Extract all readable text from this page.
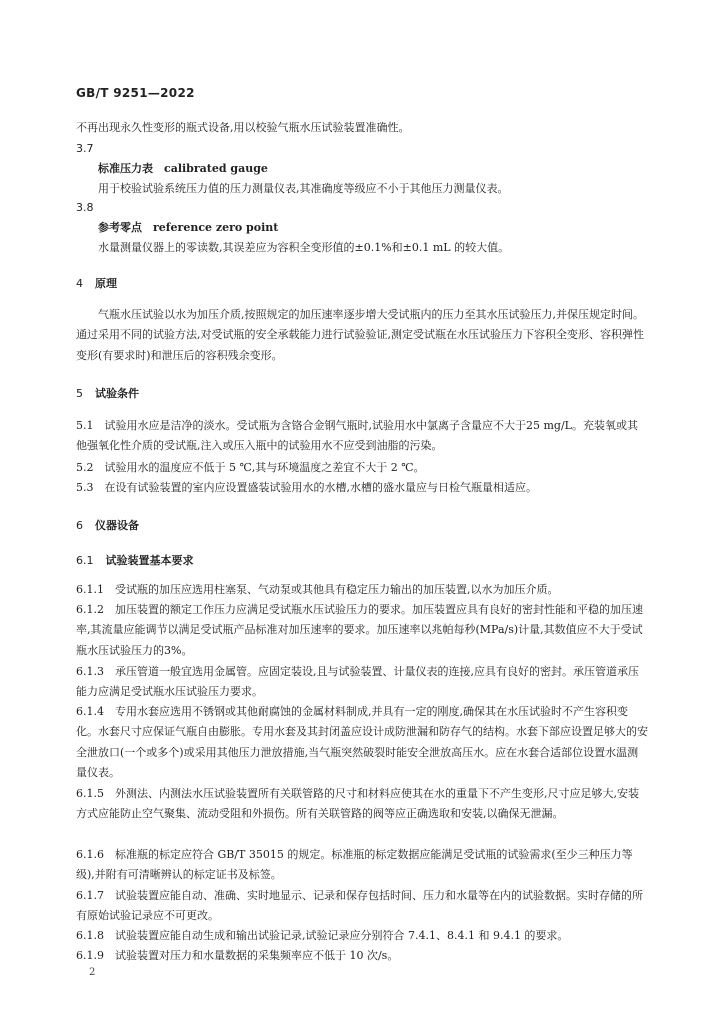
GB/T 9251—2022
不再出现永久性变形的瓶式设备,用以校验气瓶水压试验装置准确性。
3.7
标准压力表　calibrated gauge
用于校验试验系统压力值的压力测量仪表,其准确度等级应不小于其他压力测量仪表。
3.8
参考零点　reference zero point
水量测量仪器上的零读数,其误差应为容积全变形值的±0.1%和±0.1 mL 的较大值。
4 原理
气瓶水压试验以水为加压介质,按照规定的加压速率逐步增大受试瓶内的压力至其水压试验压力,并保压规定时间。通过采用不同的试验方法,对受试瓶的安全承载能力进行试验验证,测定受试瓶在水压试验压力下容积全变形、容积弹性变形(有要求时)和泄压后的容积残余变形。
5 试验条件
5.1　试验用水应是洁净的淡水。受试瓶为含铬合金钢气瓶时,试验用水中氯离子含量应不大于25 mg/L。充装氧或其他强氧化性介质的受试瓶,注入或压入瓶中的试验用水不应受到油脂的污染。
5.2　试验用水的温度应不低于 5 ℃,其与环境温度之差宜不大于 2 ℃。
5.3　在设有试验装置的室内应设置盛装试验用水的水槽,水槽的盛水量应与日检气瓶量相适应。
6 仪器设备
6.1 试验装置基本要求
6.1.1　受试瓶的加压应选用柱塞泵、气动泵或其他具有稳定压力输出的加压装置,以水为加压介质。
6.1.2　加压装置的额定工作压力应满足受试瓶水压试验压力的要求。加压装置应具有良好的密封性能和平稳的加压速率,其流量应能调节以满足受试瓶产品标准对加压速率的要求。加压速率以兆帕每秒(MPa/s)计量,其数值应不大于受试瓶水压试验压力的3%。
6.1.3　承压管道一般宜选用金属管。应固定装设,且与试验装置、计量仪表的连接,应具有良好的密封。承压管道承压能力应满足受试瓶水压试验压力要求。
6.1.4　专用水套应选用不锈钢或其他耐腐蚀的金属材料制成,并具有一定的刚度,确保其在水压试验时不产生容积变化。水套尺寸应保证气瓶自由膨胀。专用水套及其封闭盖应设计成防泄漏和防存气的结构。水套下部应设置足够大的安全泄放口(一个或多个)或采用其他压力泄放措施,当气瓶突然破裂时能安全泄放高压水。应在水套合适部位设置水温测量仪表。
6.1.5　外测法、内测法水压试验装置所有关联管路的尺寸和材料应使其在水的重量下不产生变形,尺寸应足够大,安装方式应能防止空气聚集、流动受阻和外损伤。所有关联管路的阀等应正确选取和安装,以确保无泄漏。
6.1.6　标准瓶的标定应符合 GB/T 35015 的规定。标准瓶的标定数据应能满足受试瓶的试验需求(至少三种压力等级),并附有可清晰辨认的标定证书及标签。
6.1.7　试验装置应能自动、准确、实时地显示、记录和保存包括时间、压力和水量等在内的试验数据。实时存储的所有原始试验记录应不可更改。
6.1.8　试验装置应能自动生成和输出试验记录,试验记录应分别符合 7.4.1、8.4.1 和 9.4.1 的要求。
6.1.9　试验装置对压力和水量数据的采集频率应不低于 10 次/s。
2
